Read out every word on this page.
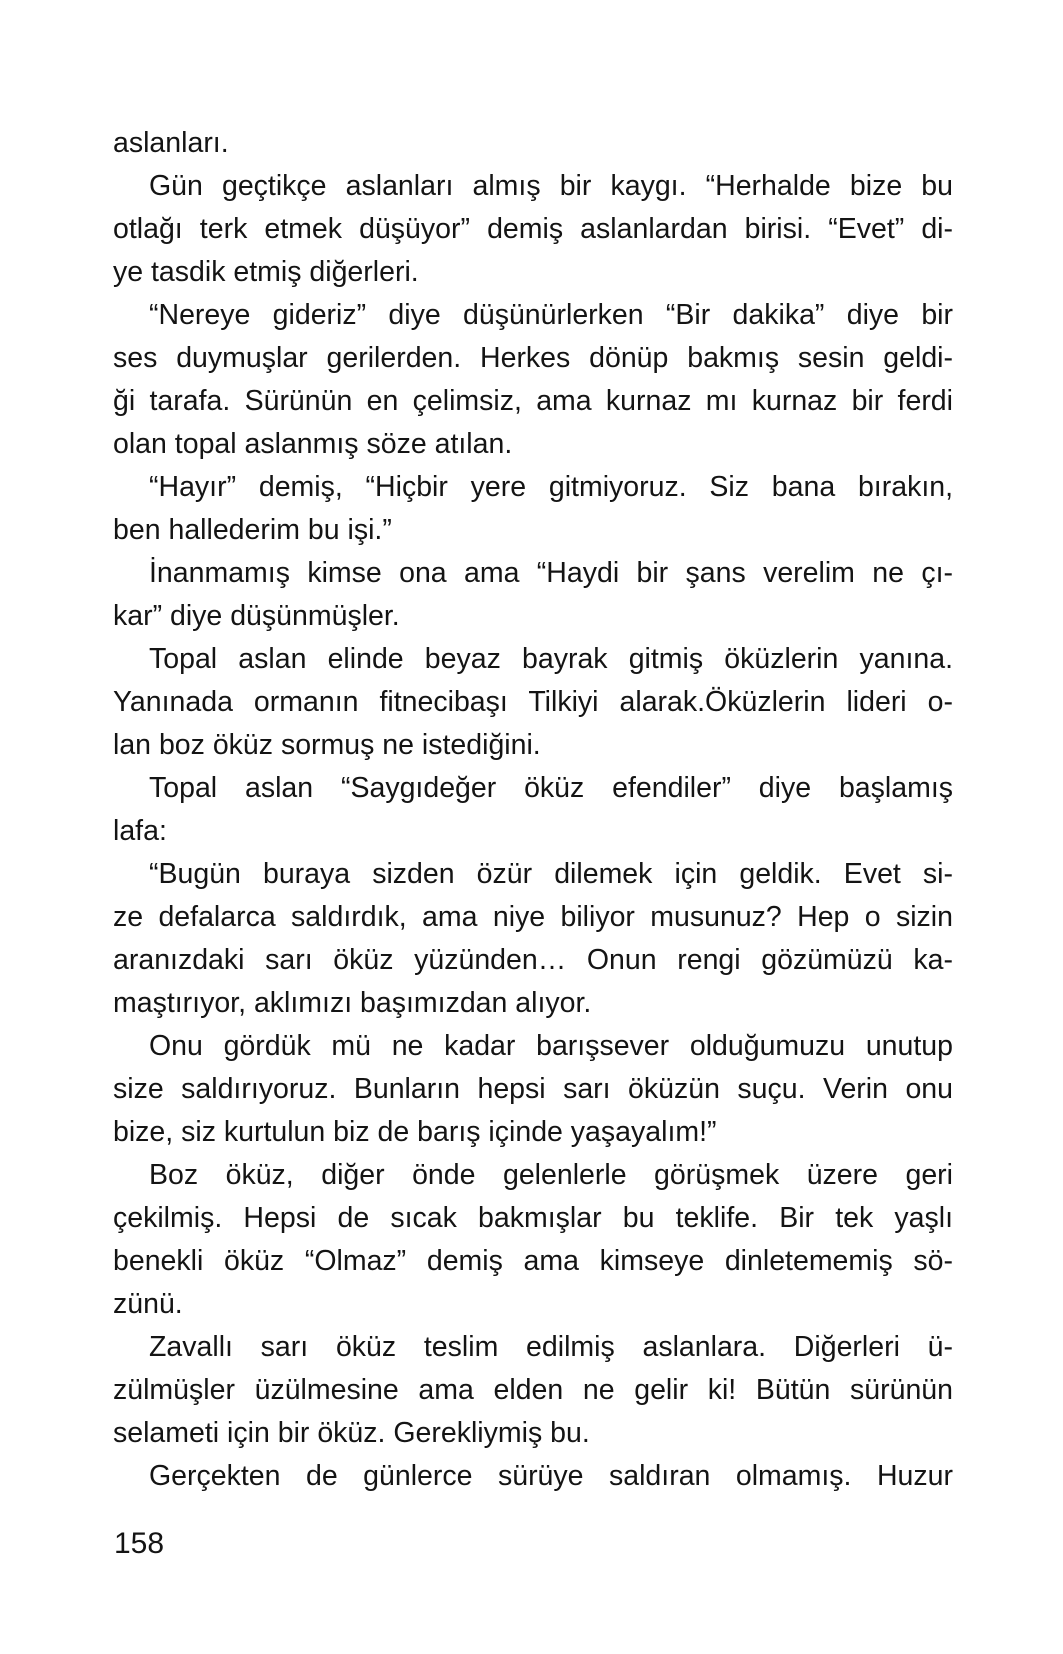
aslanları.
Gün geçtikçe aslanları almış bir kaygı. “Herhalde bize bu
otlağı terk etmek düşüyor” demiş aslanlardan birisi. “Evet” di-
ye tasdik etmiş diğerleri.
“Nereye gideriz” diye düşünürlerken “Bir dakika” diye bir
ses duymuşlar gerilerden. Herkes dönüp bakmış sesin geldi-
ği tarafa. Sürünün en çelimsiz, ama kurnaz mı kurnaz bir ferdi
olan topal aslanmış söze atılan.
“Hayır” demiş, “Hiçbir yere gitmiyoruz. Siz bana bırakın,
ben hallederim bu işi.”
İnanmamış kimse ona ama “Haydi bir şans verelim ne çı-
kar” diye düşünmüşler.
Topal aslan elinde beyaz bayrak gitmiş öküzlerin yanına.
Yanınada ormanın fitnecibaşı Tilkiyi alarak.Öküzlerin lideri o-
lan boz öküz sormuş ne istediğini.
Topal aslan “Saygıdeğer öküz efendiler” diye başlamış
lafa:
“Bugün buraya sizden özür dilemek için geldik. Evet si-
ze defalarca saldırdık, ama niye biliyor musunuz? Hep o sizin
aranızdaki sarı öküz yüzünden… Onun rengi gözümüzü ka-
maştırıyor, aklımızı başımızdan alıyor.
Onu gördük mü ne kadar barışsever olduğumuzu unutup
size saldırıyoruz. Bunların hepsi sarı öküzün suçu. Verin onu
bize, siz kurtulun biz de barış içinde yaşayalım!”
Boz öküz, diğer önde gelenlerle görüşmek üzere geri
çekilmiş. Hepsi de sıcak bakmışlar bu teklife. Bir tek yaşlı
benekli öküz “Olmaz” demiş ama kimseye dinletememiş sö-
zünü.
Zavallı sarı öküz teslim edilmiş aslanlara. Diğerleri ü-
zülmüşler üzülmesine ama elden ne gelir ki! Bütün sürünün
selameti için bir öküz. Gerekliymiş bu.
Gerçekten de günlerce sürüye saldıran olmamış. Huzur
158
